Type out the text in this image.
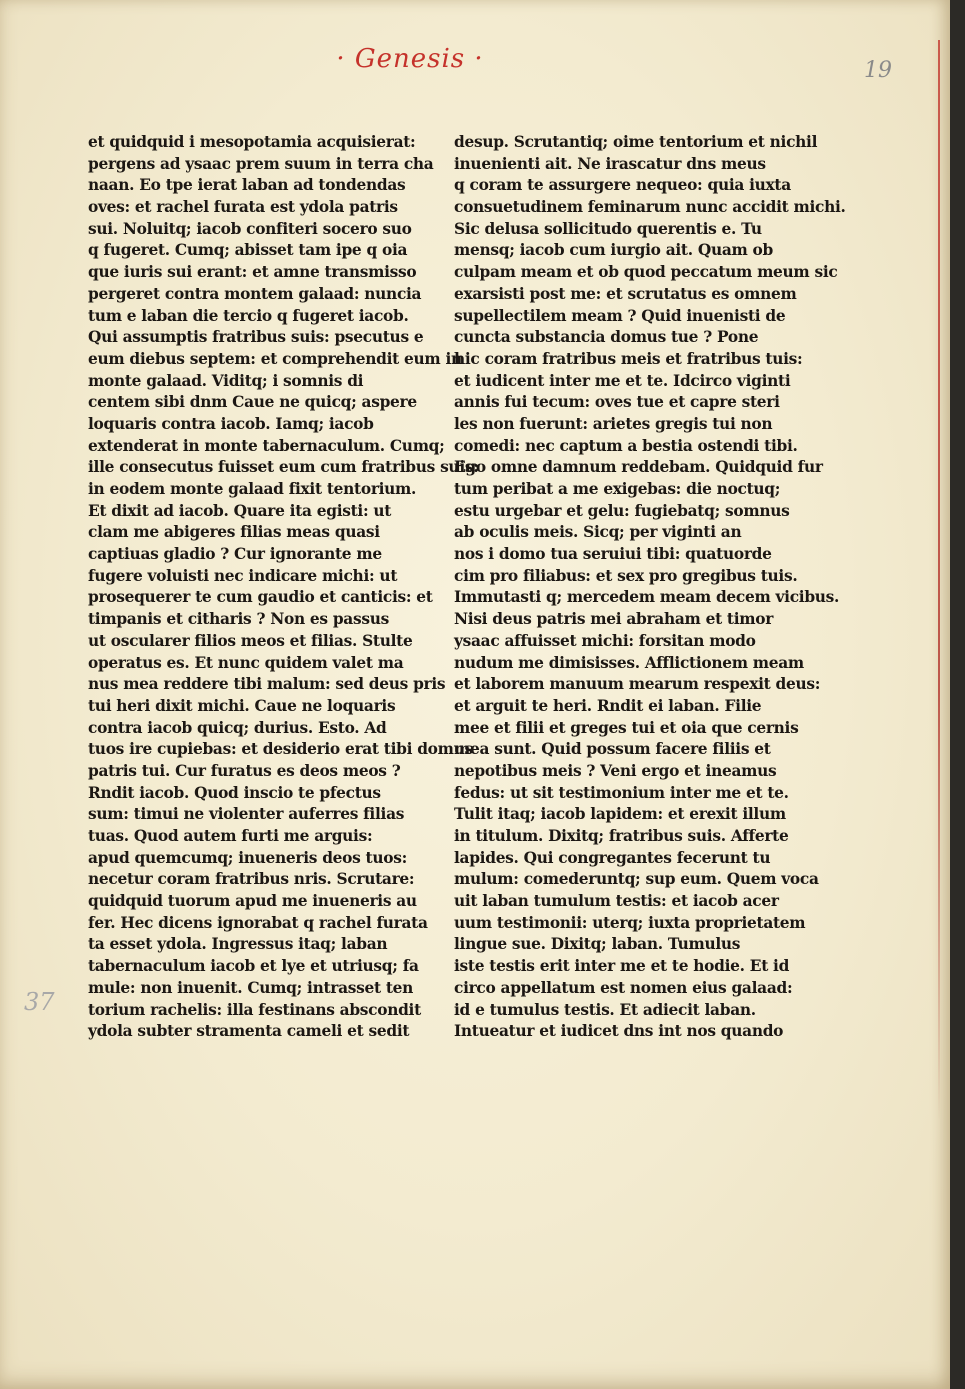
· Genesis ·	19
37
et quidquid i mesopotamia acquisierat:
pergens ad ysaac prem suum in terra cha
naan. Eo tpe ierat laban ad tondendas
oves: et rachel furata est ydola patris
sui. Noluitq; iacob confiteri socero suo
q fugeret. Cumq; abisset tam ipe q oia
que iuris sui erant: et amne transmisso
pergeret contra montem galaad: nuncia
tum e laban die tercio q fugeret iacob.
Qui assumptis fratribus suis: psecutus e
eum diebus septem: et comprehendit eum in
monte galaad. Viditq; i somnis di
centem sibi dnm Caue ne quicq; aspere
loquaris contra iacob. Iamq; iacob
extenderat in monte tabernaculum. Cumq;
ille consecutus fuisset eum cum fratribus suis:
in eodem monte galaad fixit tentorium.
Et dixit ad iacob. Quare ita egisti: ut
clam me abigeres filias meas quasi
captiuas gladio ? Cur ignorante me
fugere voluisti nec indicare michi: ut
prosequerer te cum gaudio et canticis: et
timpanis et citharis ? Non es passus
ut oscularer filios meos et filias. Stulte
operatus es. Et nunc quidem valet ma
nus mea reddere tibi malum: sed deus pris
tui heri dixit michi. Caue ne loquaris
contra iacob quicq; durius. Esto. Ad
tuos ire cupiebas: et desiderio erat tibi domus
patris tui. Cur furatus es deos meos ?
Rndit iacob. Quod inscio te pfectus
sum: timui ne violenter auferres filias
tuas. Quod autem furti me arguis:
apud quemcumq; inueneris deos tuos:
necetur coram fratribus nris. Scrutare:
quidquid tuorum apud me inueneris au
fer. Hec dicens ignorabat q rachel furata
ta esset ydola. Ingressus itaq; laban
tabernaculum iacob et lye et utriusq; fa
mule: non inuenit. Cumq; intrasset ten
torium rachelis: illa festinans abscondit
ydola subter stramenta cameli et sedit
desup. Scrutantiq; oime tentorium et nichil
inuenienti ait. Ne irascatur dns meus
q coram te assurgere nequeo: quia iuxta
consuetudinem feminarum nunc accidit michi.
Sic delusa sollicitudo querentis e. Tu
mensq; iacob cum iurgio ait. Quam ob
culpam meam et ob quod peccatum meum sic
exarsisti post me: et scrutatus es omnem
supellectilem meam ? Quid inuenisti de
cuncta substancia domus tue ? Pone
hic coram fratribus meis et fratribus tuis:
et iudicent inter me et te. Idcirco viginti
annis fui tecum: oves tue et capre steri
les non fuerunt: arietes gregis tui non
comedi: nec captum a bestia ostendi tibi.
Ego omne damnum reddebam. Quidquid fur
tum peribat a me exigebas: die noctuq;
estu urgebar et gelu: fugiebatq; somnus
ab oculis meis. Sicq; per viginti an
nos i domo tua seruiui tibi: quatuorde
cim pro filiabus: et sex pro gregibus tuis.
Immutasti q; mercedem meam decem vicibus.
Nisi deus patris mei abraham et timor
ysaac affuisset michi: forsitan modo
nudum me dimisisses. Afflictionem meam
et laborem manuum mearum respexit deus:
et arguit te heri. Rndit ei laban. Filie
mee et filii et greges tui et oia que cernis
mea sunt. Quid possum facere filiis et
nepotibus meis ? Veni ergo et ineamus
fedus: ut sit testimonium inter me et te.
Tulit itaq; iacob lapidem: et erexit illum
in titulum. Dixitq; fratribus suis. Afferte
lapides. Qui congregantes fecerunt tu
mulum: comederuntq; sup eum. Quem voca
uit laban tumulum testis: et iacob acer
uum testimonii: uterq; iuxta proprietatem
lingue sue. Dixitq; laban. Tumulus
iste testis erit inter me et te hodie. Et id
circo appellatum est nomen eius galaad:
id e tumulus testis. Et adiecit laban.
Intueatur et iudicet dns int nos quando
